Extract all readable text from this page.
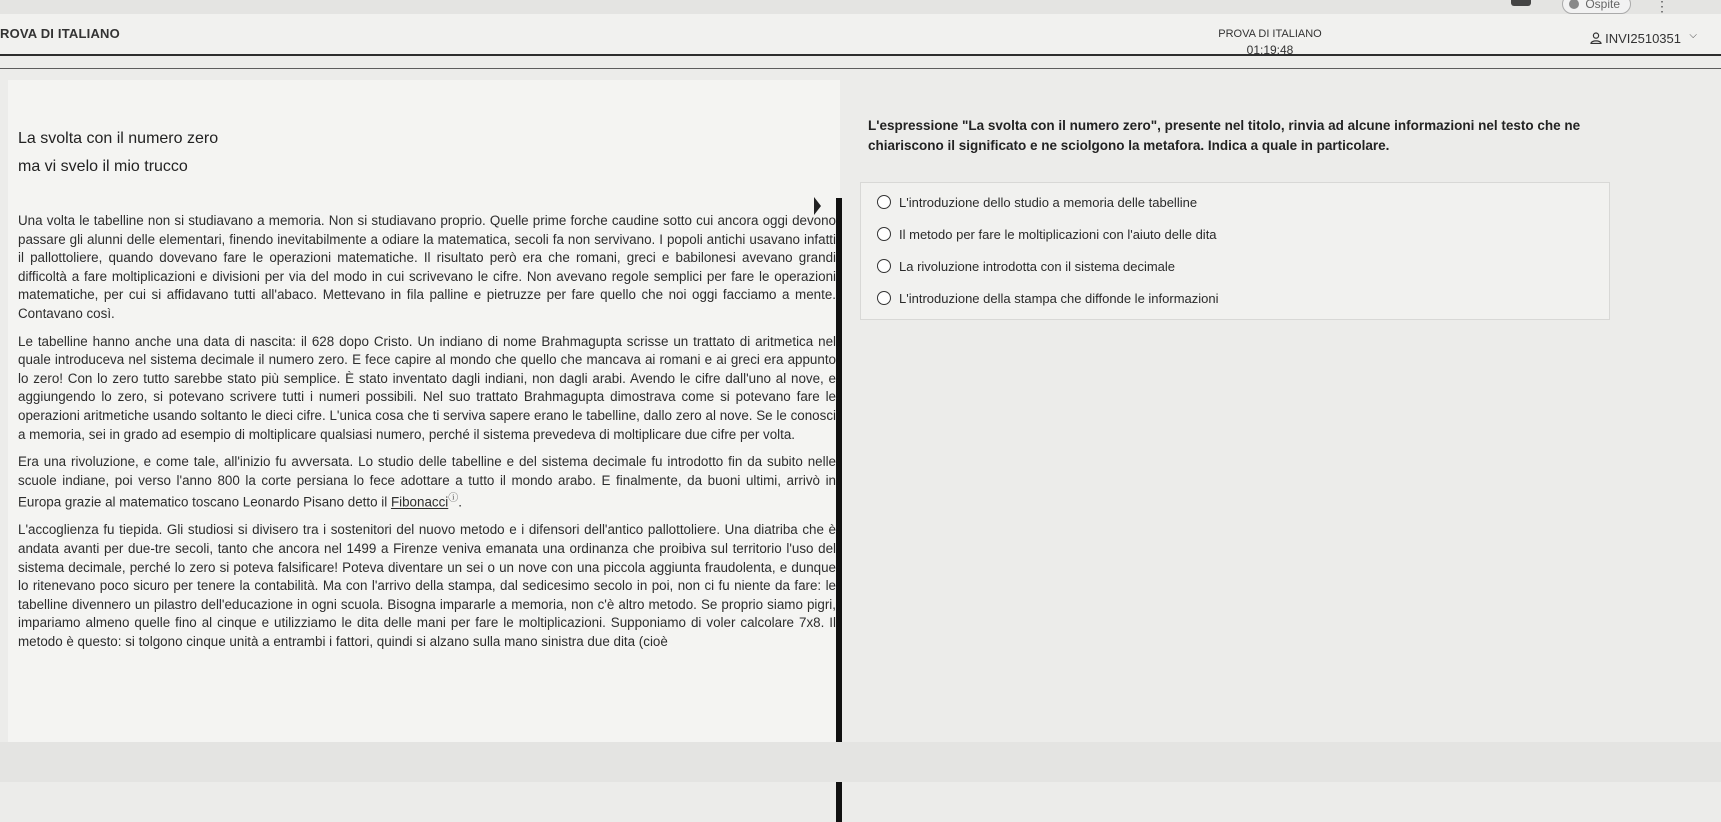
Ospite	⋮
ROVA DI ITALIANO	PROVA DI ITALIANO
01:19:48
INVI2510351 ⌵
La svolta con il numero zero
ma vi svelo il mio trucco

Una volta le tabelline non si studiavano a memoria. Non si studiavano proprio. Quelle prime forche caudine sotto cui ancora oggi devono passare gli alunni delle elementari, finendo inevitabilmente a odiare la matematica, secoli fa non servivano. I popoli antichi usavano infatti il pallottoliere, quando dovevano fare le operazioni matematiche. Il risultato però era che romani, greci e babilonesi avevano grandi difficoltà a fare moltiplicazioni e divisioni per via del modo in cui scrivevano le cifre. Non avevano regole semplici per fare le operazioni matematiche, per cui si affidavano tutti all'abaco. Mettevano in fila palline e pietruzze per fare quello che noi oggi facciamo a mente. Contavano così.

Le tabelline hanno anche una data di nascita: il 628 dopo Cristo. Un indiano di nome Brahmagupta scrisse un trattato di aritmetica nel quale introduceva nel sistema decimale il numero zero. E fece capire al mondo che quello che mancava ai romani e ai greci era appunto lo zero! Con lo zero tutto sarebbe stato più semplice. È stato inventato dagli indiani, non dagli arabi. Avendo le cifre dall'uno al nove, e aggiungendo lo zero, si potevano scrivere tutti i numeri possibili. Nel suo trattato Brahmagupta dimostrava come si potevano fare le operazioni aritmetiche usando soltanto le dieci cifre. L'unica cosa che ti serviva sapere erano le tabelline, dallo zero al nove. Se le conosci a memoria, sei in grado ad esempio di moltiplicare qualsiasi numero, perché il sistema prevedeva di moltiplicare due cifre per volta.

Era una rivoluzione, e come tale, all'inizio fu avversata. Lo studio delle tabelline e del sistema decimale fu introdotto fin da subito nelle scuole indiane, poi verso l'anno 800 la corte persiana lo fece adottare a tutto il mondo arabo. E finalmente, da buoni ultimi, arrivò in Europa grazie al matematico toscano Leonardo Pisano detto il Fibonacciⓘ.

L'accoglienza fu tiepida. Gli studiosi si divisero tra i sostenitori del nuovo metodo e i difensori dell'antico pallottoliere. Una diatriba che è andata avanti per due-tre secoli, tanto che ancora nel 1499 a Firenze veniva emanata una ordinanza che proibiva sul territorio l'uso del sistema decimale, perché lo zero si poteva falsificare! Poteva diventare un sei o un nove con una piccola aggiunta fraudolenta, e dunque lo ritenevano poco sicuro per tenere la contabilità. Ma con l'arrivo della stampa, dal sedicesimo secolo in poi, non ci fu niente da fare: le tabelline divennero un pilastro dell'educazione in ogni scuola. Bisogna impararle a memoria, non c'è altro metodo. Se proprio siamo pigri, impariamo almeno quelle fino al cinque e utilizziamo le dita delle mani per fare le moltiplicazioni. Supponiamo di voler calcolare 7x8. Il metodo è questo: si tolgono cinque unità a entrambi i fattori, quindi si alzano sulla mano sinistra due dita (cioè

L'espressione "La svolta con il numero zero", presente nel titolo, rinvia ad alcune informazioni nel testo che ne chiariscono il significato e ne sciolgono la metafora. Indica a quale in particolare.
L'introduzione dello studio a memoria delle tabelline
Il metodo per fare le moltiplicazioni con l'aiuto delle dita
La rivoluzione introdotta con il sistema decimale
L'introduzione della stampa che diffonde le informazioni
